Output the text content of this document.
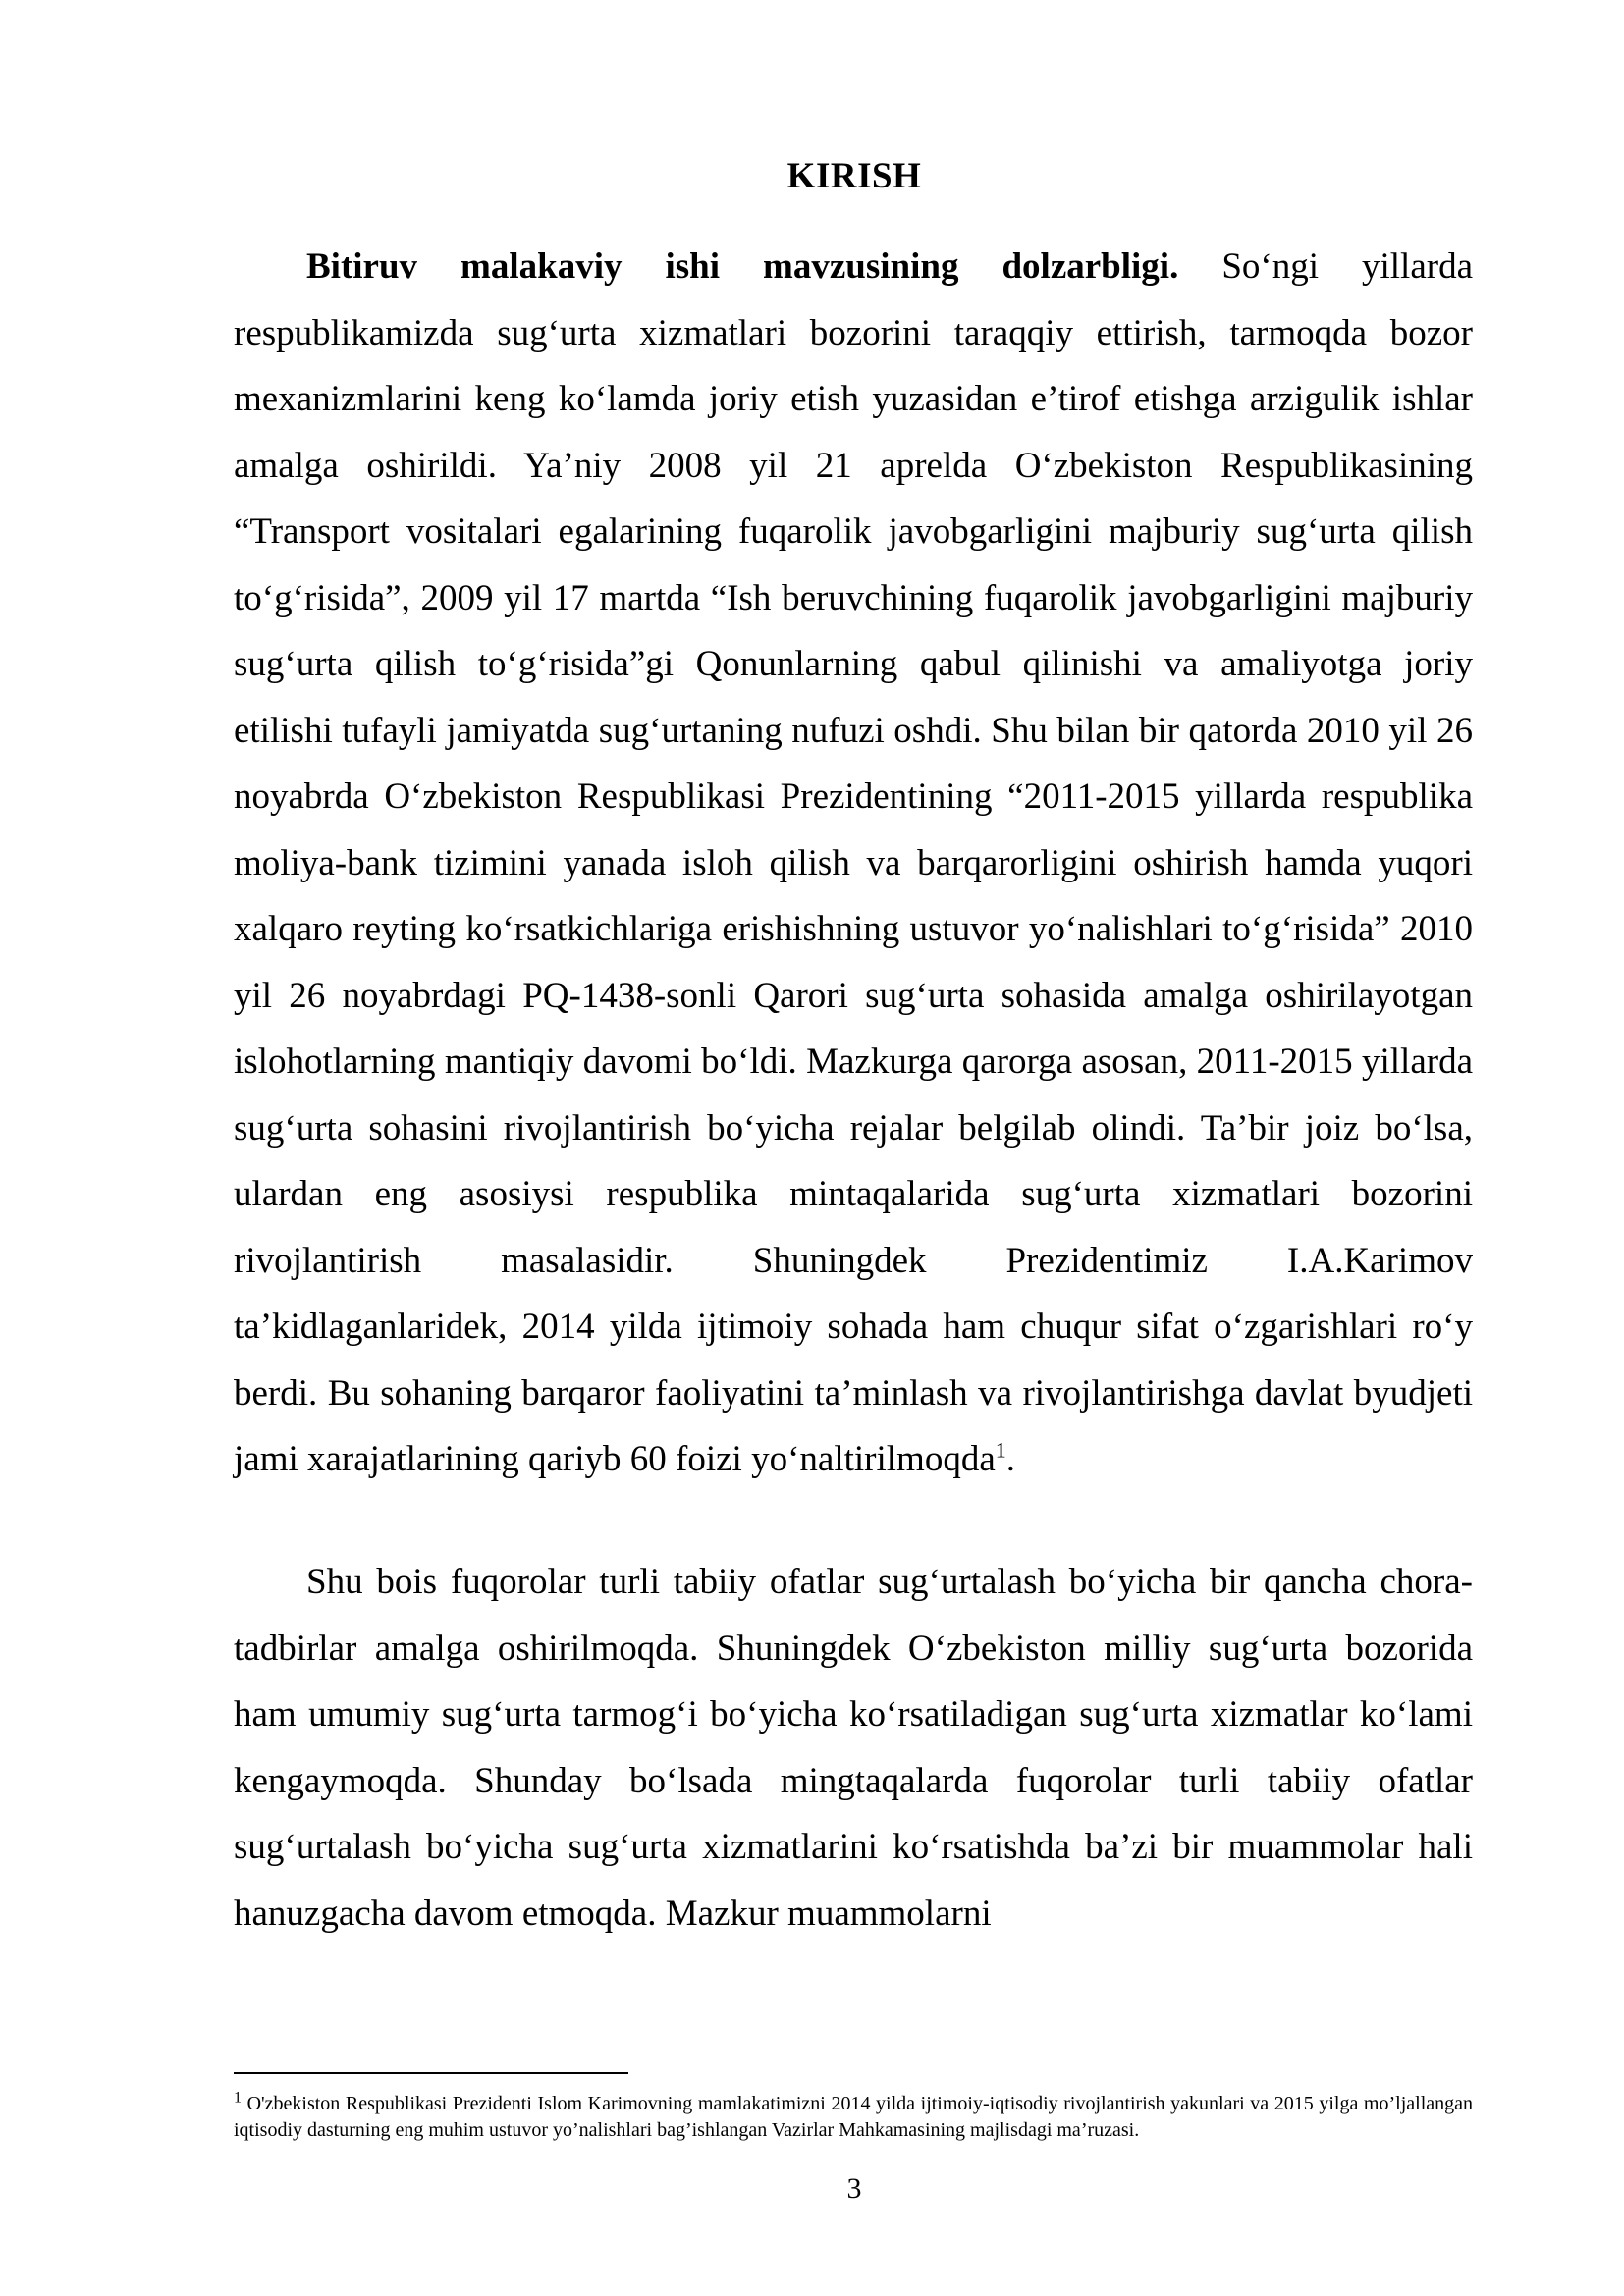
KIRISH

Bitiruv malakaviy ishi mavzusining dolzarbligi. So‘ngi yillarda respublikamizda sug‘urta xizmatlari bozorini taraqqiy ettirish, tarmoqda bozor mexanizmlarini keng ko‘lamda joriy etish yuzasidan e’tirof etishga arzigulik ishlar amalga oshirildi. Ya’niy 2008 yil 21 aprelda O‘zbekiston Respublikasining “Transport vositalari egalarining fuqarolik javobgarligini majburiy sug‘urta qilish to‘g‘risida”, 2009 yil 17 martda “Ish beruvchining fuqarolik javobgarligini majburiy sug‘urta qilish to‘g‘risida”gi Qonunlarning qabul qilinishi va amaliyotga joriy etilishi tufayli jamiyatda sug‘urtaning nufuzi oshdi. Shu bilan bir qatorda 2010 yil 26 noyabrda O‘zbekiston Respublikasi Prezidentining “2011-2015 yillarda respublika moliya-bank tizimini yanada isloh qilish va barqarorligini oshirish hamda yuqori xalqaro reyting ko‘rsatkichlariga erishishning ustuvor yo‘nalishlari to‘g‘risida” 2010 yil 26 noyabrdagi PQ-1438-sonli Qarori sug‘urta sohasida amalga oshirilayotgan islohotlarning mantiqiy davomi bo‘ldi. Mazkurga qarorga asosan, 2011-2015 yillarda sug‘urta sohasini rivojlantirish bo‘yicha rejalar belgilab olindi. Ta’bir joiz bo‘lsa, ulardan eng asosiysi respublika mintaqalarida sug‘urta xizmatlari bozorini rivojlantirish masalasidir. Shuningdek Prezidentimiz I.A.Karimov ta’kidlaganlaridek, 2014 yilda ijtimoiy sohada ham chuqur sifat o‘zgarishlari ro‘y berdi. Bu sohaning barqaror faoliyatini ta’minlash va rivojlantirishga davlat byudjeti jami xarajatlarining qariyb 60 foizi yo‘naltirilmoqda$^1$.

Shu bois fuqorolar turli tabiiy ofatlar sug‘urtalash bo‘yicha bir qancha chora-tadbirlar amalga oshirilmoqda. Shuningdek O‘zbekiston milliy sug‘urta bozorida ham umumiy sug‘urta tarmog‘i bo‘yicha ko‘rsatiladigan sug‘urta xizmatlar ko‘lami kengaymoqda. Shunday bo‘lsada mingtaqalarda fuqorolar turli tabiiy ofatlar sug‘urtalash bo‘yicha sug‘urta xizmatlarini ko‘rsatishda ba’zi bir muammolar hali hanuzgacha davom etmoqda. Mazkur muammolarni

$^1$ O'zbekiston Respublikasi Prezidenti Islom Karimovning mamlakatimizni 2014 yilda ijtimoiy-iqtisodiy rivojlantirish yakunlari va 2015 yilga mo’ljallangan iqtisodiy dasturning eng muhim ustuvor yo’nalishlari bag’ishlangan Vazirlar Mahkamasining majlisdagi ma’ruzasi.

3
